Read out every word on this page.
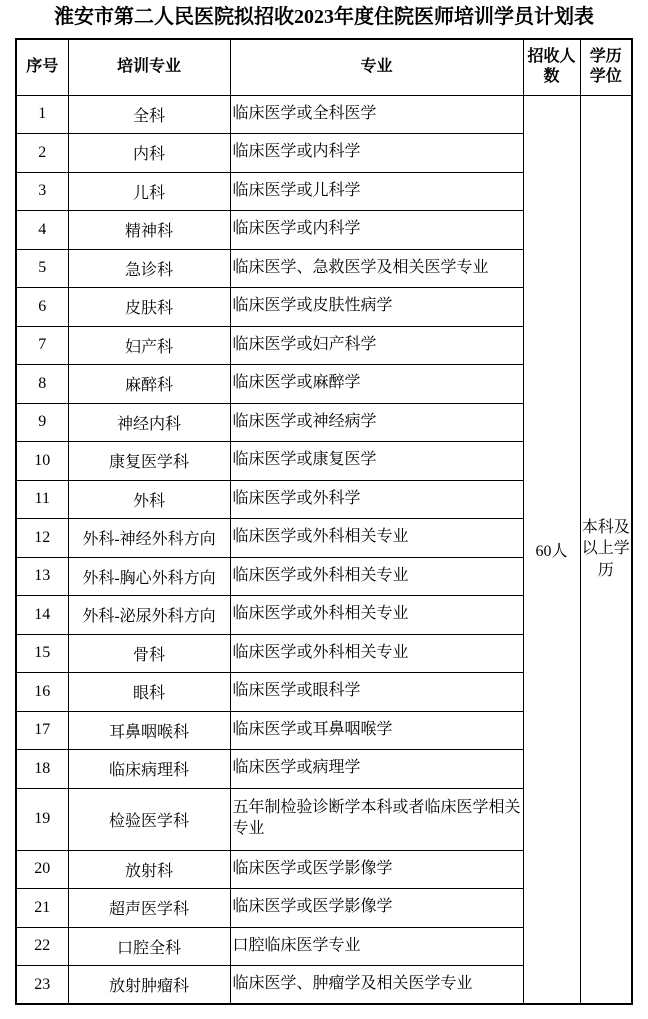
淮安市第二人民医院拟招收2023年度住院医师培训学员计划表
序号	培训专业	专业	招收人数	学历学位
1	全科	临床医学或全科医学	60人	本科及以上学历
2	内科	临床医学或内科学		
3	儿科	临床医学或儿科学		
4	精神科	临床医学或内科学		
5	急诊科	临床医学、急救医学及相关医学专业		
6	皮肤科	临床医学或皮肤性病学		
7	妇产科	临床医学或妇产科学		
8	麻醉科	临床医学或麻醉学		
9	神经内科	临床医学或神经病学		
10	康复医学科	临床医学或康复医学		
11	外科	临床医学或外科学		
12	外科-神经外科方向	临床医学或外科相关专业		
13	外科-胸心外科方向	临床医学或外科相关专业		
14	外科-泌尿外科方向	临床医学或外科相关专业		
15	骨科	临床医学或外科相关专业		
16	眼科	临床医学或眼科学		
17	耳鼻咽喉科	临床医学或耳鼻咽喉学		
18	临床病理科	临床医学或病理学		
19	检验医学科	五年制检验诊断学本科或者临床医学相关专业		
20	放射科	临床医学或医学影像学		
21	超声医学科	临床医学或医学影像学		
22	口腔全科	口腔临床医学专业		
23	放射肿瘤科	临床医学、肿瘤学及相关医学专业		
